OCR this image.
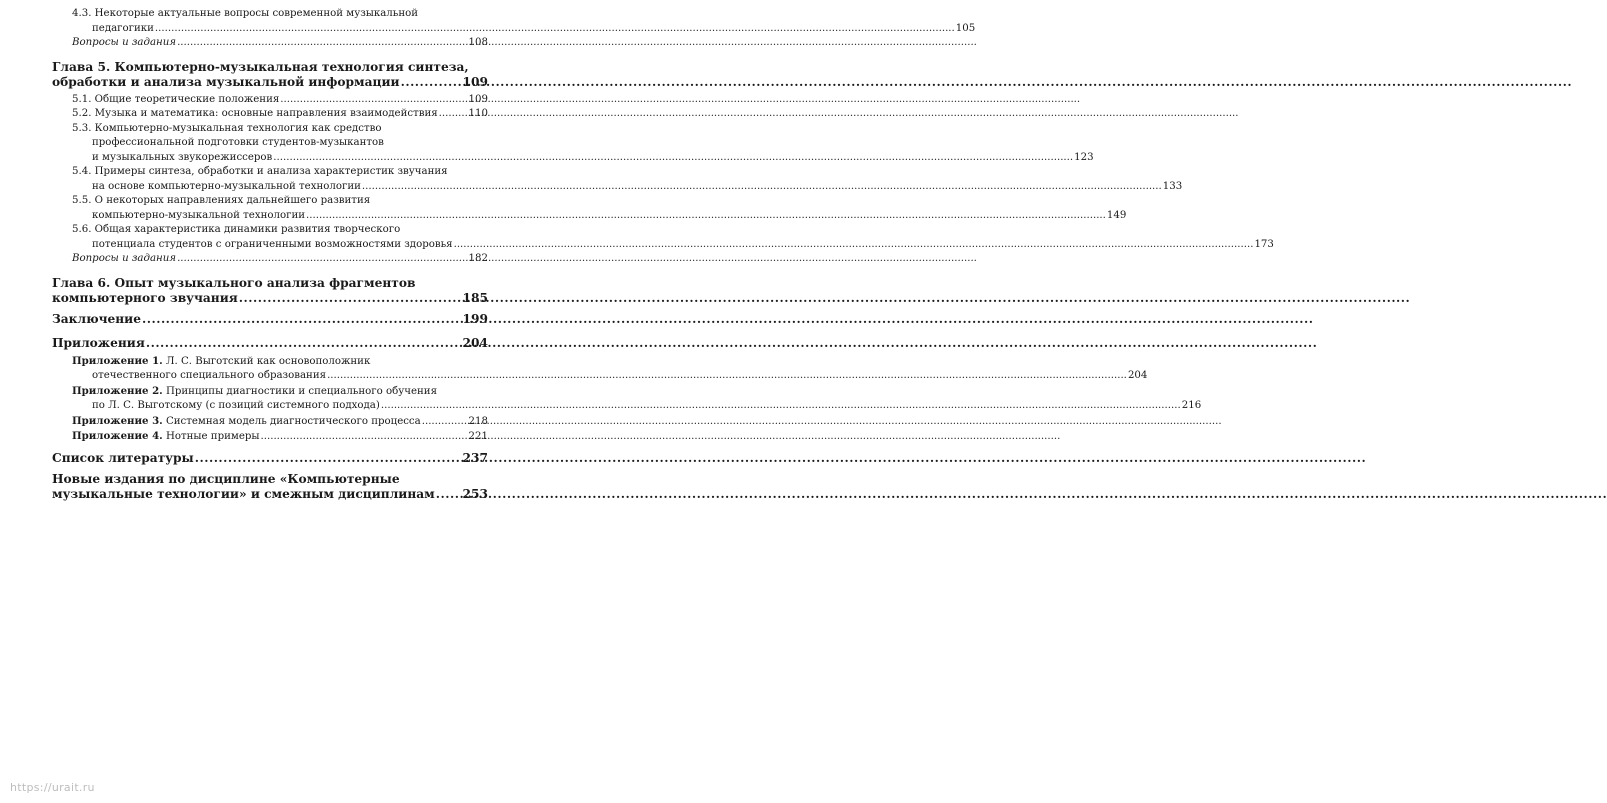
4.3. Некоторые актуальные вопросы современной музыкальной
педагогики .....	105
Вопросы и задания .....	108
Глава 5. Компьютерно-музыкальная технология синтеза,
обработки и анализа музыкальной информации .....	109
5.1. Общие теоретические положения .....	109
5.2. Музыка и математика: основные направления взаимодействия .....	110
5.3. Компьютерно-музыкальная технология как средство
профессиональной подготовки студентов-музыкантов
и музыкальных звукорежиссеров .....	123
5.4. Примеры синтеза, обработки и анализа характеристик звучания
на основе компьютерно-музыкальной технологии .....	133
5.5. О некоторых направлениях дальнейшего развития
компьютерно-музыкальной технологии .....	149
5.6. Общая характеристика динамики развития творческого
потенциала студентов с ограниченными возможностями здоровья .....	173
Вопросы и задания .....	182
Глава 6. Опыт музыкального анализа фрагментов
компьютерного звучания .....	185
Заключение .....	199
Приложения .....	204
Приложение 1. Л. С. Выготский как основоположник
отечественного специального образования .....	204
Приложение 2. Принципы диагностики и специального обучения
по Л. С. Выготскому (с позиций системного подхода) .....	216
Приложение 3. Системная модель диагностического процесса .....	218
Приложение 4. Нотные примеры .....	221
Список литературы .....	237
Новые издания по дисциплине «Компьютерные
музыкальные технологии» и смежным дисциплинам ..... 253
https://urait.ru
